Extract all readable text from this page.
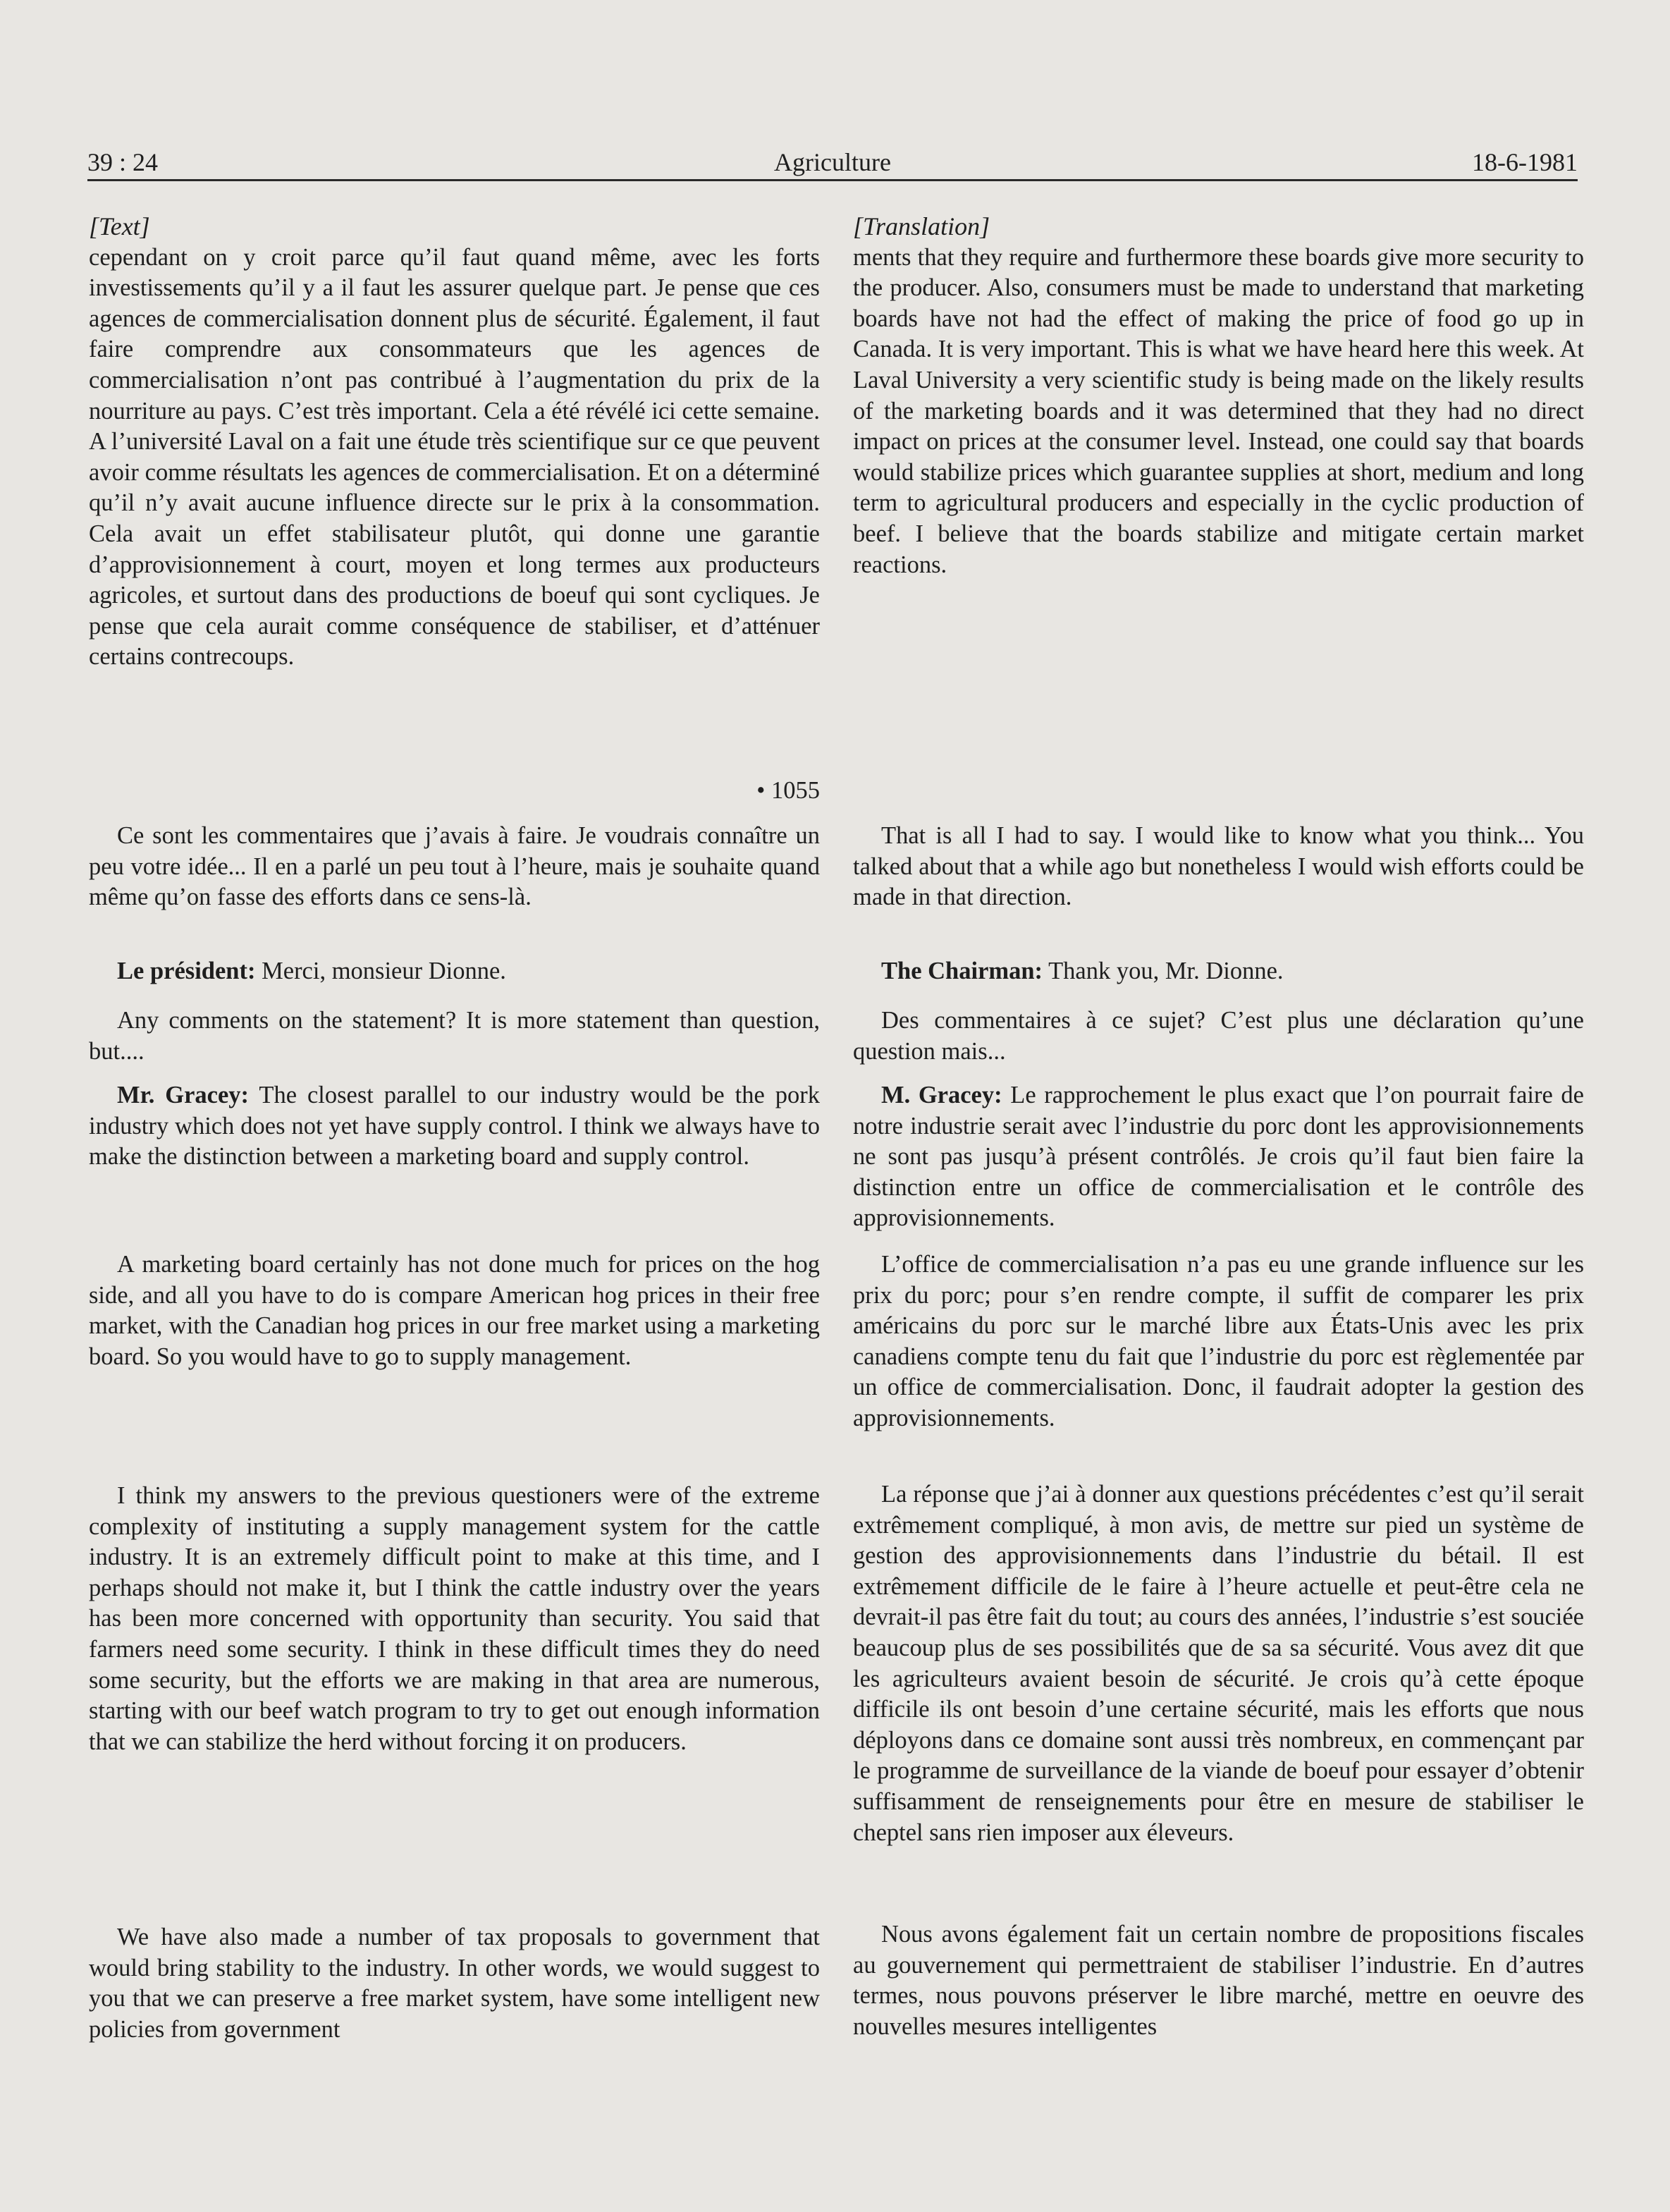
39 : 24	Agriculture	18-6-1981
[Text]

cependant on y croit parce qu’il faut quand même, avec les forts investissements qu’il y a il faut les assurer quelque part. Je pense que ces agences de commercialisation donnent plus de sécurité. Également, il faut faire comprendre aux consommateurs que les agences de commercialisation n’ont pas contribué à l’augmentation du prix de la nourriture au pays. C’est très important. Cela a été révélé ici cette semaine. A l’université Laval on a fait une étude très scientifique sur ce que peuvent avoir comme résultats les agences de commercialisation. Et on a déterminé qu’il n’y avait aucune influence directe sur le prix à la consommation. Cela avait un effet stabilisateur plutôt, qui donne une garantie d’approvisionnement à court, moyen et long termes aux producteurs agricoles, et surtout dans des productions de boeuf qui sont cycliques. Je pense que cela aurait comme conséquence de stabiliser, et d’atténuer certains contrecoups.

• 1055

Ce sont les commentaires que j’avais à faire. Je voudrais connaître un peu votre idée... Il en a parlé un peu tout à l’heure, mais je souhaite quand même qu’on fasse des efforts dans ce sens-là.

Le président: Merci, monsieur Dionne.

Any comments on the statement? It is more statement than question, but....

Mr. Gracey: The closest parallel to our industry would be the pork industry which does not yet have supply control. I think we always have to make the distinction between a marketing board and supply control.

A marketing board certainly has not done much for prices on the hog side, and all you have to do is compare American hog prices in their free market, with the Canadian hog prices in our free market using a marketing board. So you would have to go to supply management.

I think my answers to the previous questioners were of the extreme complexity of instituting a supply management system for the cattle industry. It is an extremely difficult point to make at this time, and I perhaps should not make it, but I think the cattle industry over the years has been more concerned with opportunity than security. You said that farmers need some security. I think in these difficult times they do need some security, but the efforts we are making in that area are numerous, starting with our beef watch program to try to get out enough information that we can stabilize the herd without forcing it on producers.

We have also made a number of tax proposals to government that would bring stability to the industry. In other words, we would suggest to you that we can preserve a free market system, have some intelligent new policies from government

[Translation]

ments that they require and furthermore these boards give more security to the producer. Also, consumers must be made to understand that marketing boards have not had the effect of making the price of food go up in Canada. It is very important. This is what we have heard here this week. At Laval University a very scientific study is being made on the likely results of the marketing boards and it was determined that they had no direct impact on prices at the consumer level. Instead, one could say that boards would stabilize prices which guarantee supplies at short, medium and long term to agricultural producers and especially in the cyclic production of beef. I believe that the boards stabilize and mitigate certain market reactions.

That is all I had to say. I would like to know what you think... You talked about that a while ago but nonetheless I would wish efforts could be made in that direction.

The Chairman: Thank you, Mr. Dionne.

Des commentaires à ce sujet? C’est plus une déclaration qu’une question mais...

M. Gracey: Le rapprochement le plus exact que l’on pourrait faire de notre industrie serait avec l’industrie du porc dont les approvisionnements ne sont pas jusqu’à présent contrôlés. Je crois qu’il faut bien faire la distinction entre un office de commercialisation et le contrôle des approvisionnements.

L’office de commercialisation n’a pas eu une grande influence sur les prix du porc; pour s’en rendre compte, il suffit de comparer les prix américains du porc sur le marché libre aux États-Unis avec les prix canadiens compte tenu du fait que l’industrie du porc est règlementée par un office de commercialisation. Donc, il faudrait adopter la gestion des approvisionnements.

La réponse que j’ai à donner aux questions précédentes c’est qu’il serait extrêmement compliqué, à mon avis, de mettre sur pied un système de gestion des approvisionnements dans l’industrie du bétail. Il est extrêmement difficile de le faire à l’heure actuelle et peut-être cela ne devrait-il pas être fait du tout; au cours des années, l’industrie s’est souciée beaucoup plus de ses possibilités que de sa sa sécurité. Vous avez dit que les agriculteurs avaient besoin de sécurité. Je crois qu’à cette époque difficile ils ont besoin d’une certaine sécurité, mais les efforts que nous déployons dans ce domaine sont aussi très nombreux, en commençant par le programme de surveillance de la viande de boeuf pour essayer d’obtenir suffisamment de renseignements pour être en mesure de stabiliser le cheptel sans rien imposer aux éleveurs.

Nous avons également fait un certain nombre de propositions fiscales au gouvernement qui permettraient de stabiliser l’industrie. En d’autres termes, nous pouvons préserver le libre marché, mettre en oeuvre des nouvelles mesures intelligentes
